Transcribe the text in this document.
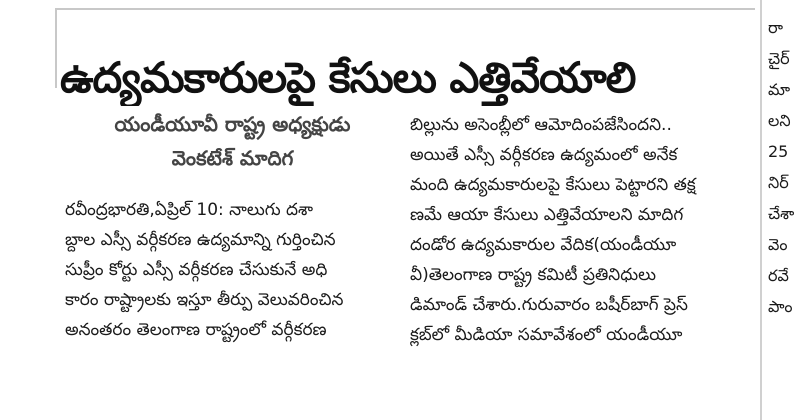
ఉద్యమకారులపై కేసులు ఎత్తివేయాలి
యండీయూవీ రాష్ట్ర అధ్యక్షుడు
వెంకటేశ్ మాదిగ

రవీంద్రభారతి,ఏప్రిల్ 10: నాలుగు దశా

బ్దాల ఎస్సీ వర్గీకరణ ఉద్యమాన్ని గుర్తించిన

సుప్రీం కోర్టు ఎస్సీ వర్గీకరణ చేసుకునే అధి

కారం రాష్ట్రాలకు ఇస్తూ తీర్పు వెలువరించిన

అనంతరం తెలంగాణ రాష్ట్రంలో వర్గీకరణ

బిల్లును అసెంబ్లీలో ఆమోదింపజేసిందని..

అయితే ఎస్సీ వర్గీకరణ ఉద్యమంలో అనేక

మంది ఉద్యమకారులపై కేసులు పెట్టారని తక్ష

ణమే ఆయా కేసులు ఎత్తివేయాలని మాదిగ

దండోర ఉద్యమకారుల వేదిక(యండీయూ

వీ)తెలంగాణ రాష్ట్ర కమిటీ ప్రతినిధులు

డిమాండ్ చేశారు.గురువారం బషీర్‌బాగ్ ప్రెస్

క్లబ్‌లో మీడియా సమావేశంలో యండీయూ

రా

చైర్

మా

లని

25

నిర్

చేశా

వెం

రవే

పాం
